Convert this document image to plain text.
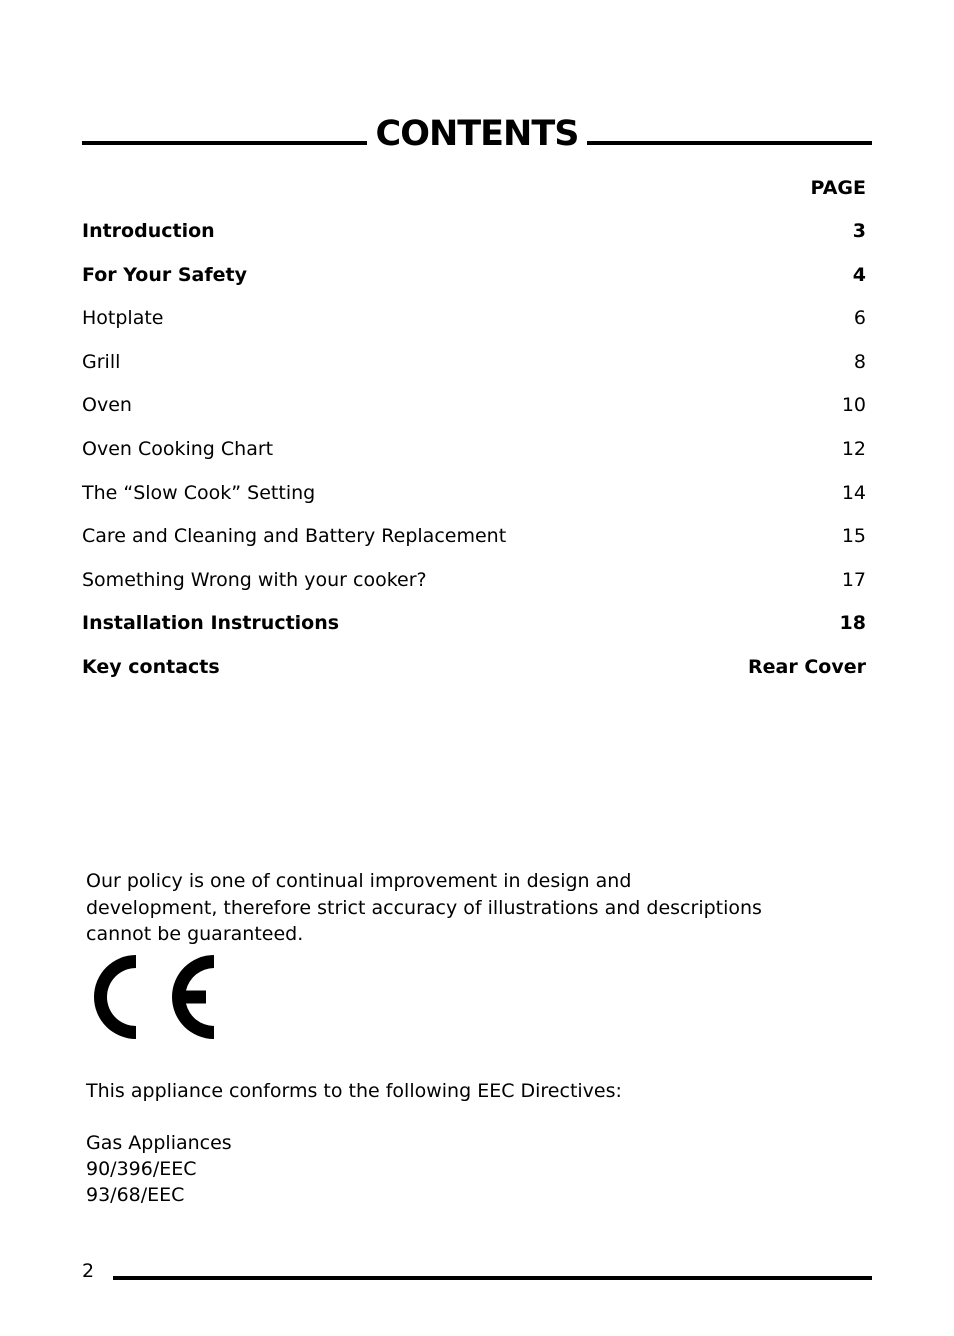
CONTENTS
PAGE
Introduction	3
For Your Safety	4
Hotplate	6
Grill	8
Oven	10
Oven Cooking Chart	12
The “Slow Cook” Setting	14
Care and Cleaning and Battery Replacement	15
Something Wrong with your cooker?	17
Installation Instructions	18
Key contacts	Rear Cover

Our policy is one of continual improvement in design and development, therefore strict accuracy of illustrations and descriptions cannot be guaranteed.

This appliance conforms to the following EEC Directives:

Gas Appliances
90/396/EEC
93/68/EEC
2
